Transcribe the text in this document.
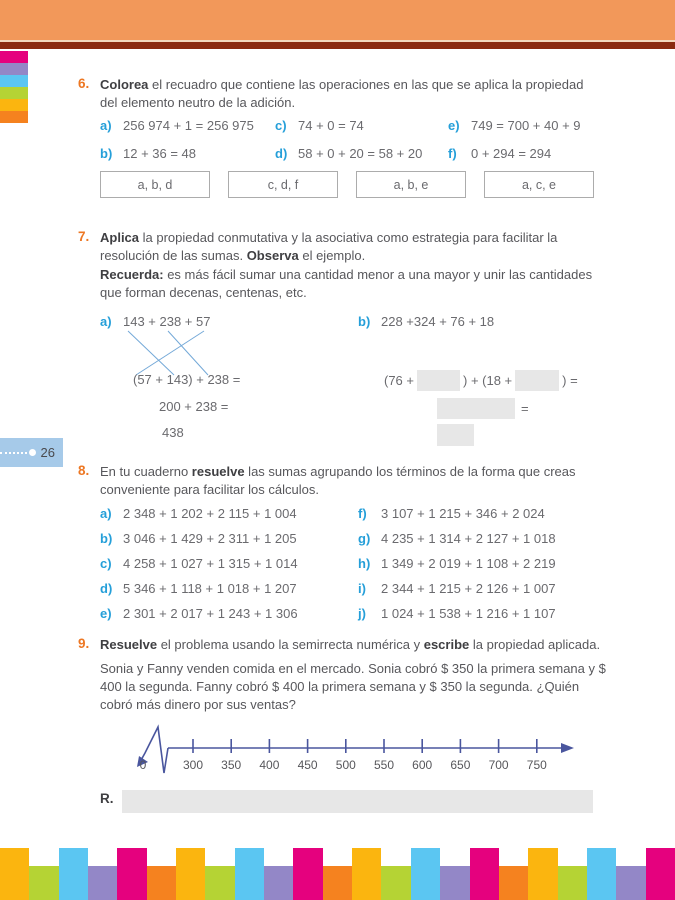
6. Colorea el recuadro que contiene las operaciones en las que se aplica la propiedad del elemento neutro de la adición.
a) 256 974 + 1 = 256 975
b) 12 + 36 = 48
c) 74 + 0 = 74
d) 58 + 0 + 20 = 58 + 20
e) 749 = 700 + 40 + 9
f) 0 + 294 = 294
a, b, d	c, d, f	a, b, e	a, c, e
7. Aplica la propiedad conmutativa y la asociativa como estrategia para facilitar la resolución de las sumas. Observa el ejemplo.
Recuerda: es más fácil sumar una cantidad menor a una mayor y unir las cantidades que forman decenas, centenas, etc.
a) 143 + 238 + 57	b) 228 +324 + 76 + 18
(57 + 143) + 238 =
200 + 238 =
438
(76 +	) + (18 +	) =
=
26
8. En tu cuaderno resuelve las sumas agrupando los términos de la forma que creas conveniente para facilitar los cálculos.
a) 2 348 + 1 202 + 2 115 + 1 004
b) 3 046 + 1 429 + 2 311 + 1 205
c) 4 258 + 1 027 + 1 315 + 1 014
d) 5 346 + 1 118 + 1 018 + 1 207
e) 2 301 + 2 017 + 1 243 + 1 306
f) 3 107 + 1 215 + 346 + 2 024
g) 4 235 + 1 314 + 2 127 + 1 018
h) 1 349 + 2 019 + 1 108 + 2 219
i) 2 344 + 1 215 + 2 126 + 1 007
j) 1 024 + 1 538 + 1 216 + 1 107
9. Resuelve el problema usando la semirrecta numérica y escribe la propiedad aplicada.
Sonia y Fanny venden comida en el mercado. Sonia cobró $ 350 la primera semana y $ 400 la segunda. Fanny cobró $ 400 la primera semana y $ 350 la segunda. ¿Quién cobró más dinero por sus ventas?
0	300 350 400 450 500 550 600 650 700 750
R.
